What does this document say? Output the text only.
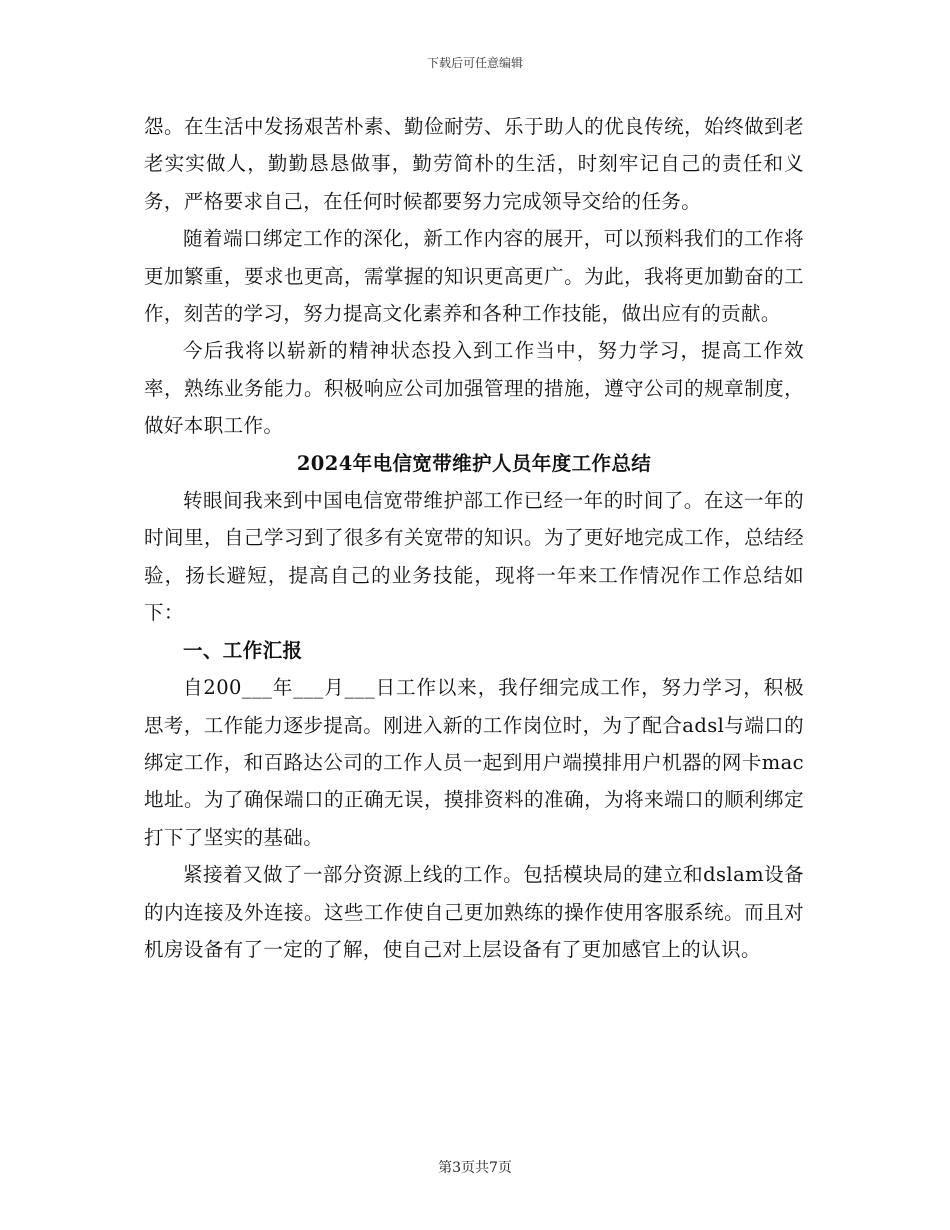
下载后可任意编辑

怨。在生活中发扬艰苦朴素、勤俭耐劳、乐于助人的优良传统，始终做到老老实实做人，勤勤恳恳做事，勤劳简朴的生活，时刻牢记自己的责任和义务，严格要求自己，在任何时候都要努力完成领导交给的任务。

随着端口绑定工作的深化，新工作内容的展开，可以预料我们的工作将更加繁重，要求也更高，需掌握的知识更高更广。为此，我将更加勤奋的工作，刻苦的学习，努力提高文化素养和各种工作技能，做出应有的贡献。

今后我将以崭新的精神状态投入到工作当中，努力学习，提高工作效率，熟练业务能力。积极响应公司加强管理的措施，遵守公司的规章制度，做好本职工作。

2024年电信宽带维护人员年度工作总结

转眼间我来到中国电信宽带维护部工作已经一年的时间了。在这一年的时间里，自己学习到了很多有关宽带的知识。为了更好地完成工作，总结经验，扬长避短，提高自己的业务技能，现将一年来工作情况作工作总结如下：

一、工作汇报

自200___年___月___日工作以来，我仔细完成工作，努力学习，积极思考，工作能力逐步提高。刚进入新的工作岗位时，为了配合adsl与端口的绑定工作，和百路达公司的工作人员一起到用户端摸排用户机器的网卡mac地址。为了确保端口的正确无误，摸排资料的准确，为将来端口的顺利绑定打下了坚实的基础。

紧接着又做了一部分资源上线的工作。包括模块局的建立和dslam设备的内连接及外连接。这些工作使自己更加熟练的操作使用客服系统。而且对机房设备有了一定的了解，使自己对上层设备有了更加感官上的认识。

第3页共7页
